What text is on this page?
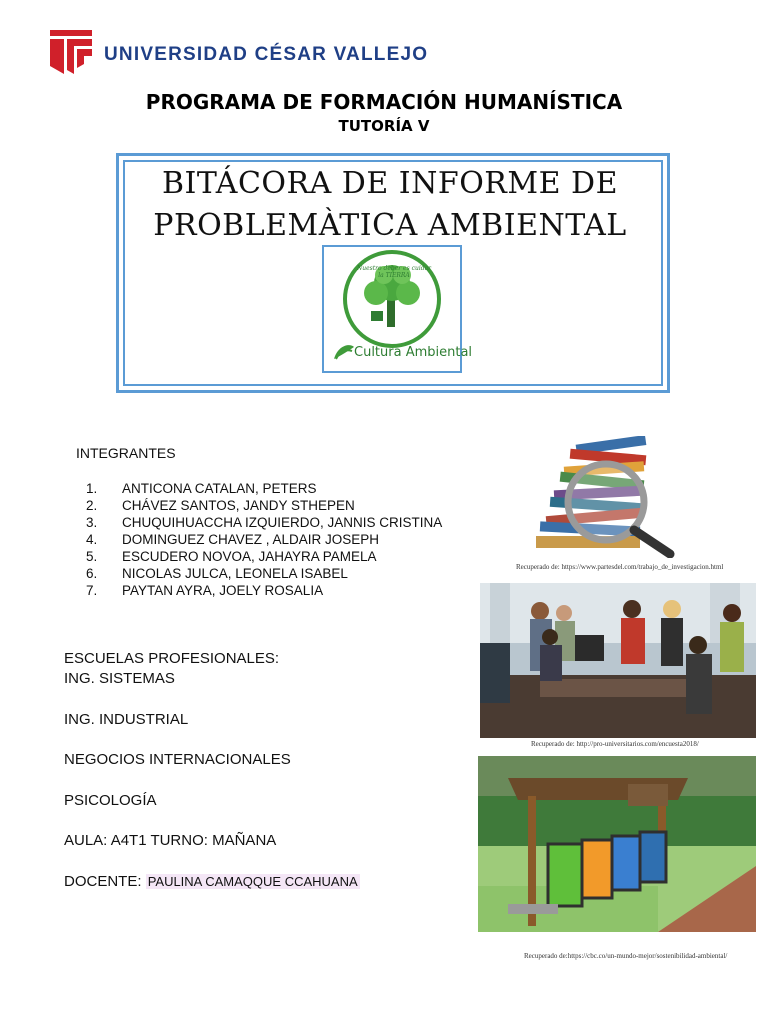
UNIVERSIDAD CÉSAR VALLEJO
PROGRAMA DE FORMACIÓN HUMANÍSTICA
TUTORÍA V
BITÁCORA DE INFORME DE
PROBLEMÀTICA AMBIENTAL
Cultura Ambiental
Nuestro deber es cuidar la TIERRA
INTEGRANTES
1.	ANTICONA CATALAN, PETERS
2.	CHÁVEZ SANTOS, JANDY STHEPEN
3.	CHUQUIHUACCHA IZQUIERDO, JANNIS CRISTINA
4.	DOMINGUEZ CHAVEZ , ALDAIR JOSEPH
5.	ESCUDERO NOVOA, JAHAYRA PAMELA
6.	NICOLAS JULCA, LEONELA ISABEL
7.	PAYTAN AYRA, JOELY ROSALIA
ESCUELAS PROFESIONALES:
ING. SISTEMAS
ING. INDUSTRIAL
NEGOCIOS INTERNACIONALES
PSICOLOGÍA
AULA: A4T1 TURNO: MAÑANA
DOCENTE: PAULINA CAMAQQUE CCAHUANA
Recuperado de: https://www.partesdel.com/trabajo_de_investigacion.html
Recuperado de: http://pro-universitarios.com/encuesta2018/
Recuperado de:https://cbc.co/un-mundo-mejor/sostenibilidad-ambiental/
